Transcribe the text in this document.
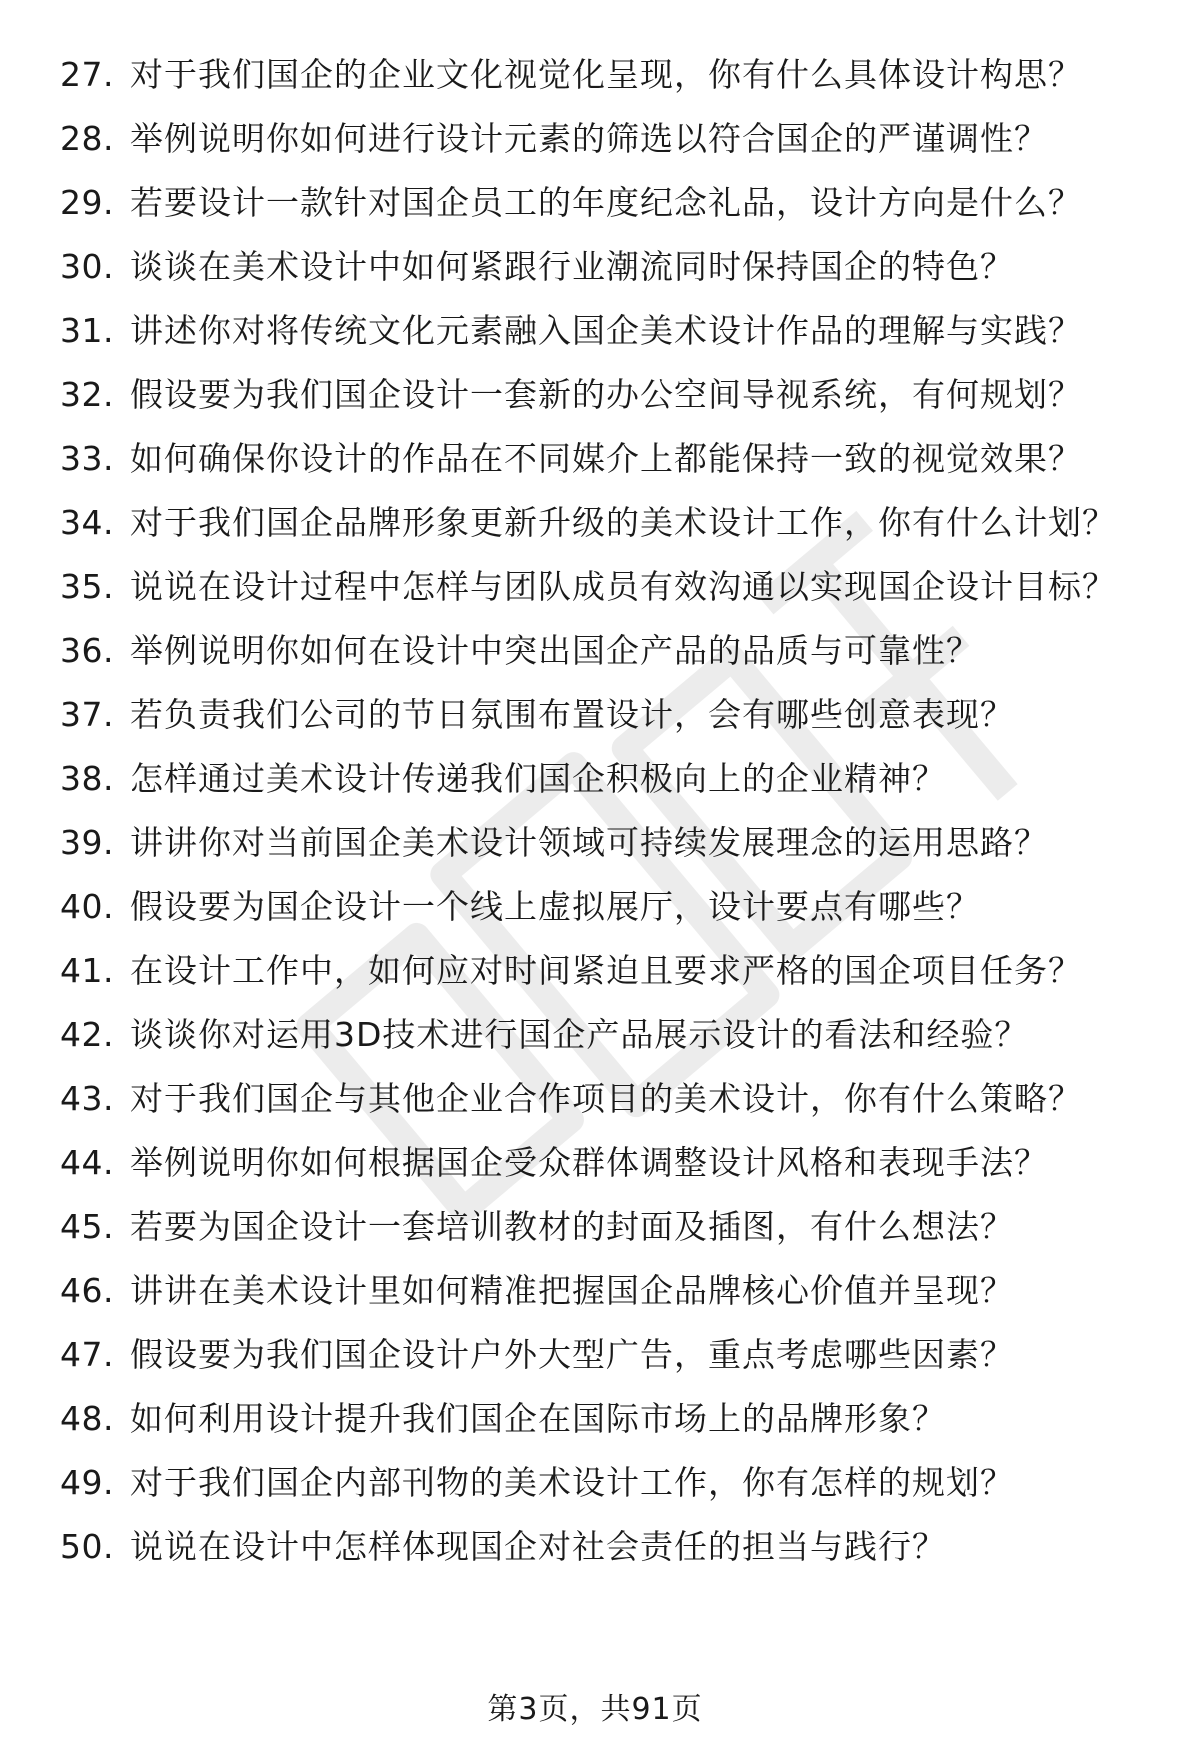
27. 对于我们国企的企业文化视觉化呈现，你有什么具体设计构思？
28. 举例说明你如何进行设计元素的筛选以符合国企的严谨调性？
29. 若要设计一款针对国企员工的年度纪念礼品，设计方向是什么？
30. 谈谈在美术设计中如何紧跟行业潮流同时保持国企的特色？
31. 讲述你对将传统文化元素融入国企美术设计作品的理解与实践？
32. 假设要为我们国企设计一套新的办公空间导视系统，有何规划？
33. 如何确保你设计的作品在不同媒介上都能保持一致的视觉效果？
34. 对于我们国企品牌形象更新升级的美术设计工作，你有什么计划？
35. 说说在设计过程中怎样与团队成员有效沟通以实现国企设计目标？
36. 举例说明你如何在设计中突出国企产品的品质与可靠性？
37. 若负责我们公司的节日氛围布置设计，会有哪些创意表现？
38. 怎样通过美术设计传递我们国企积极向上的企业精神？
39. 讲讲你对当前国企美术设计领域可持续发展理念的运用思路？
40. 假设要为国企设计一个线上虚拟展厅，设计要点有哪些？
41. 在设计工作中，如何应对时间紧迫且要求严格的国企项目任务？
42. 谈谈你对运用3D技术进行国企产品展示设计的看法和经验？
43. 对于我们国企与其他企业合作项目的美术设计，你有什么策略？
44. 举例说明你如何根据国企受众群体调整设计风格和表现手法？
45. 若要为国企设计一套培训教材的封面及插图，有什么想法？
46. 讲讲在美术设计里如何精准把握国企品牌核心价值并呈现？
47. 假设要为我们国企设计户外大型广告，重点考虑哪些因素？
48. 如何利用设计提升我们国企在国际市场上的品牌形象？
49. 对于我们国企内部刊物的美术设计工作，你有怎样的规划？
50. 说说在设计中怎样体现国企对社会责任的担当与践行？
第3页，共91页
